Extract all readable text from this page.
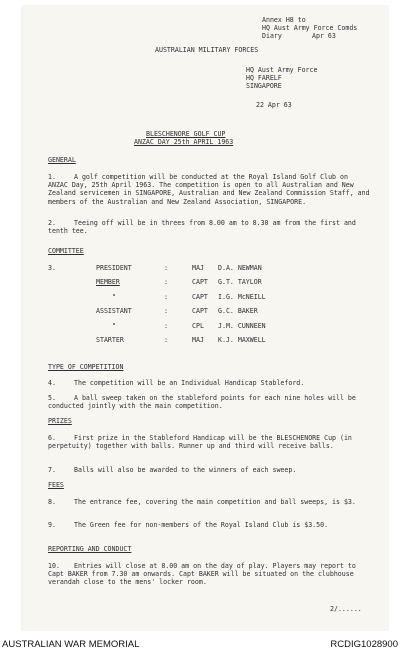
Annex H8 to
HQ Aust Army Force Comds
Diary	Apr 63
AUSTRALIAN MILITARY FORCES
HQ Aust Army Force
HQ FARELF
SINGAPORE
22 Apr 63
BLESCHENORE GOLF CUP
ANZAC DAY 25th APRIL 1963
GENERAL
1.	A golf competition will be conducted at the Royal Island Golf Club on ANZAC Day, 25th April 1963. The competition is open to all Australian and New Zealand servicemen in SINGAPORE, Australian and New Zealand Commission Staff, and members of the Australian and New Zealand Association, SINGAPORE.
2.	Teeing off will be in threes from 8.00 am to 8.30 am from the first and tenth tee.
COMMITTEE
3.	PRESIDENT	:	MAJ D.A. NEWMAN
MEMBER	:	CAPT G.T. TAYLOR
"	:	CAPT I.G. McNEILL
ASSISTANT	:	CAPT G.C. BAKER
"	:	CPL J.M. CUNNEEN
STARTER	:	MAJ K.J. MAXWELL
TYPE OF COMPETITION
4.	The competition will be an Individual Handicap Stableford.
5.	A ball sweep taken on the stableford points for each nine holes will be conducted jointly with the main competition.
PRIZES
6.	First prize in the Stableford Handicap will be the BLESCHENORE Cup (in perpetuity) together with balls. Runner up and third will receive balls.
7.	Balls will also be awarded to the winners of each sweep.
FEES
8.	The entrance fee, covering the main competition and ball sweeps, is $3.
9.	The Green fee for non-members of the Royal Island Club is $3.50.
REPORTING AND CONDUCT
10.	Entries will close at 8.00 am on the day of play. Players may report to Capt BAKER from 7.30 am onwards. Capt BAKER will be situated on the clubhouse verandah close to the mens' locker room.
2/......
AUSTRALIAN WAR MEMORIAL	RCDIG1028900
